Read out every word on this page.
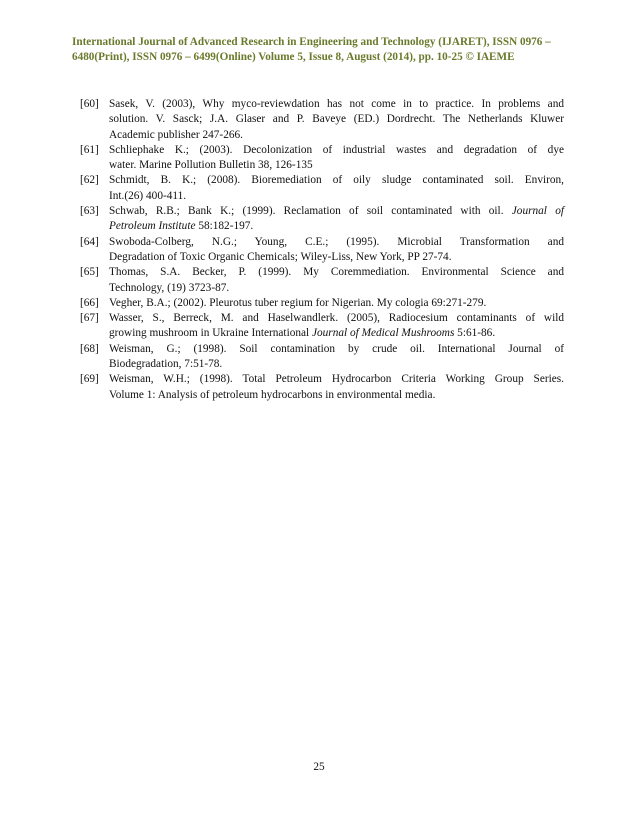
International Journal of Advanced Research in Engineering and Technology (IJARET), ISSN 0976 –
6480(Print), ISSN 0976 – 6499(Online) Volume 5, Issue 8, August (2014), pp. 10-25 © IAEME
[60] Sasek, V. (2003), Why myco-reviewdation has not come in to practice. In problems and
solution. V. Sasck; J.A. Glaser and P. Baveye (ED.) Dordrecht. The Netherlands Kluwer
Academic publisher 247-266.
[61] Schliephake K.; (2003). Decolonization of industrial wastes and degradation of dye
water. Marine Pollution Bulletin 38, 126-135
[62] Schmidt, B. K.; (2008). Bioremediation of oily sludge contaminated soil. Environ,
Int.(26) 400-411.
[63] Schwab, R.B.; Bank K.; (1999). Reclamation of soil contaminated with oil. Journal of
Petroleum Institute 58:182-197.
[64] Swoboda-Colberg, N.G.; Young, C.E.; (1995). Microbial Transformation and
Degradation of Toxic Organic Chemicals; Wiley-Liss, New York, PP 27-74.
[65] Thomas, S.A. Becker, P. (1999). My Coremmediation. Environmental Science and
Technology, (19) 3723-87.
[66] Vegher, B.A.; (2002). Pleurotus tuber regium for Nigerian. My cologia 69:271-279.
[67] Wasser, S., Berreck, M. and Haselwandlerk. (2005), Radiocesium contaminants of wild
growing mushroom in Ukraine International Journal of Medical Mushrooms 5:61-86.
[68] Weisman, G.; (1998). Soil contamination by crude oil. International Journal of
Biodegradation, 7:51-78.
[69] Weisman, W.H.; (1998). Total Petroleum Hydrocarbon Criteria Working Group Series.
Volume 1: Analysis of petroleum hydrocarbons in environmental media.
25
